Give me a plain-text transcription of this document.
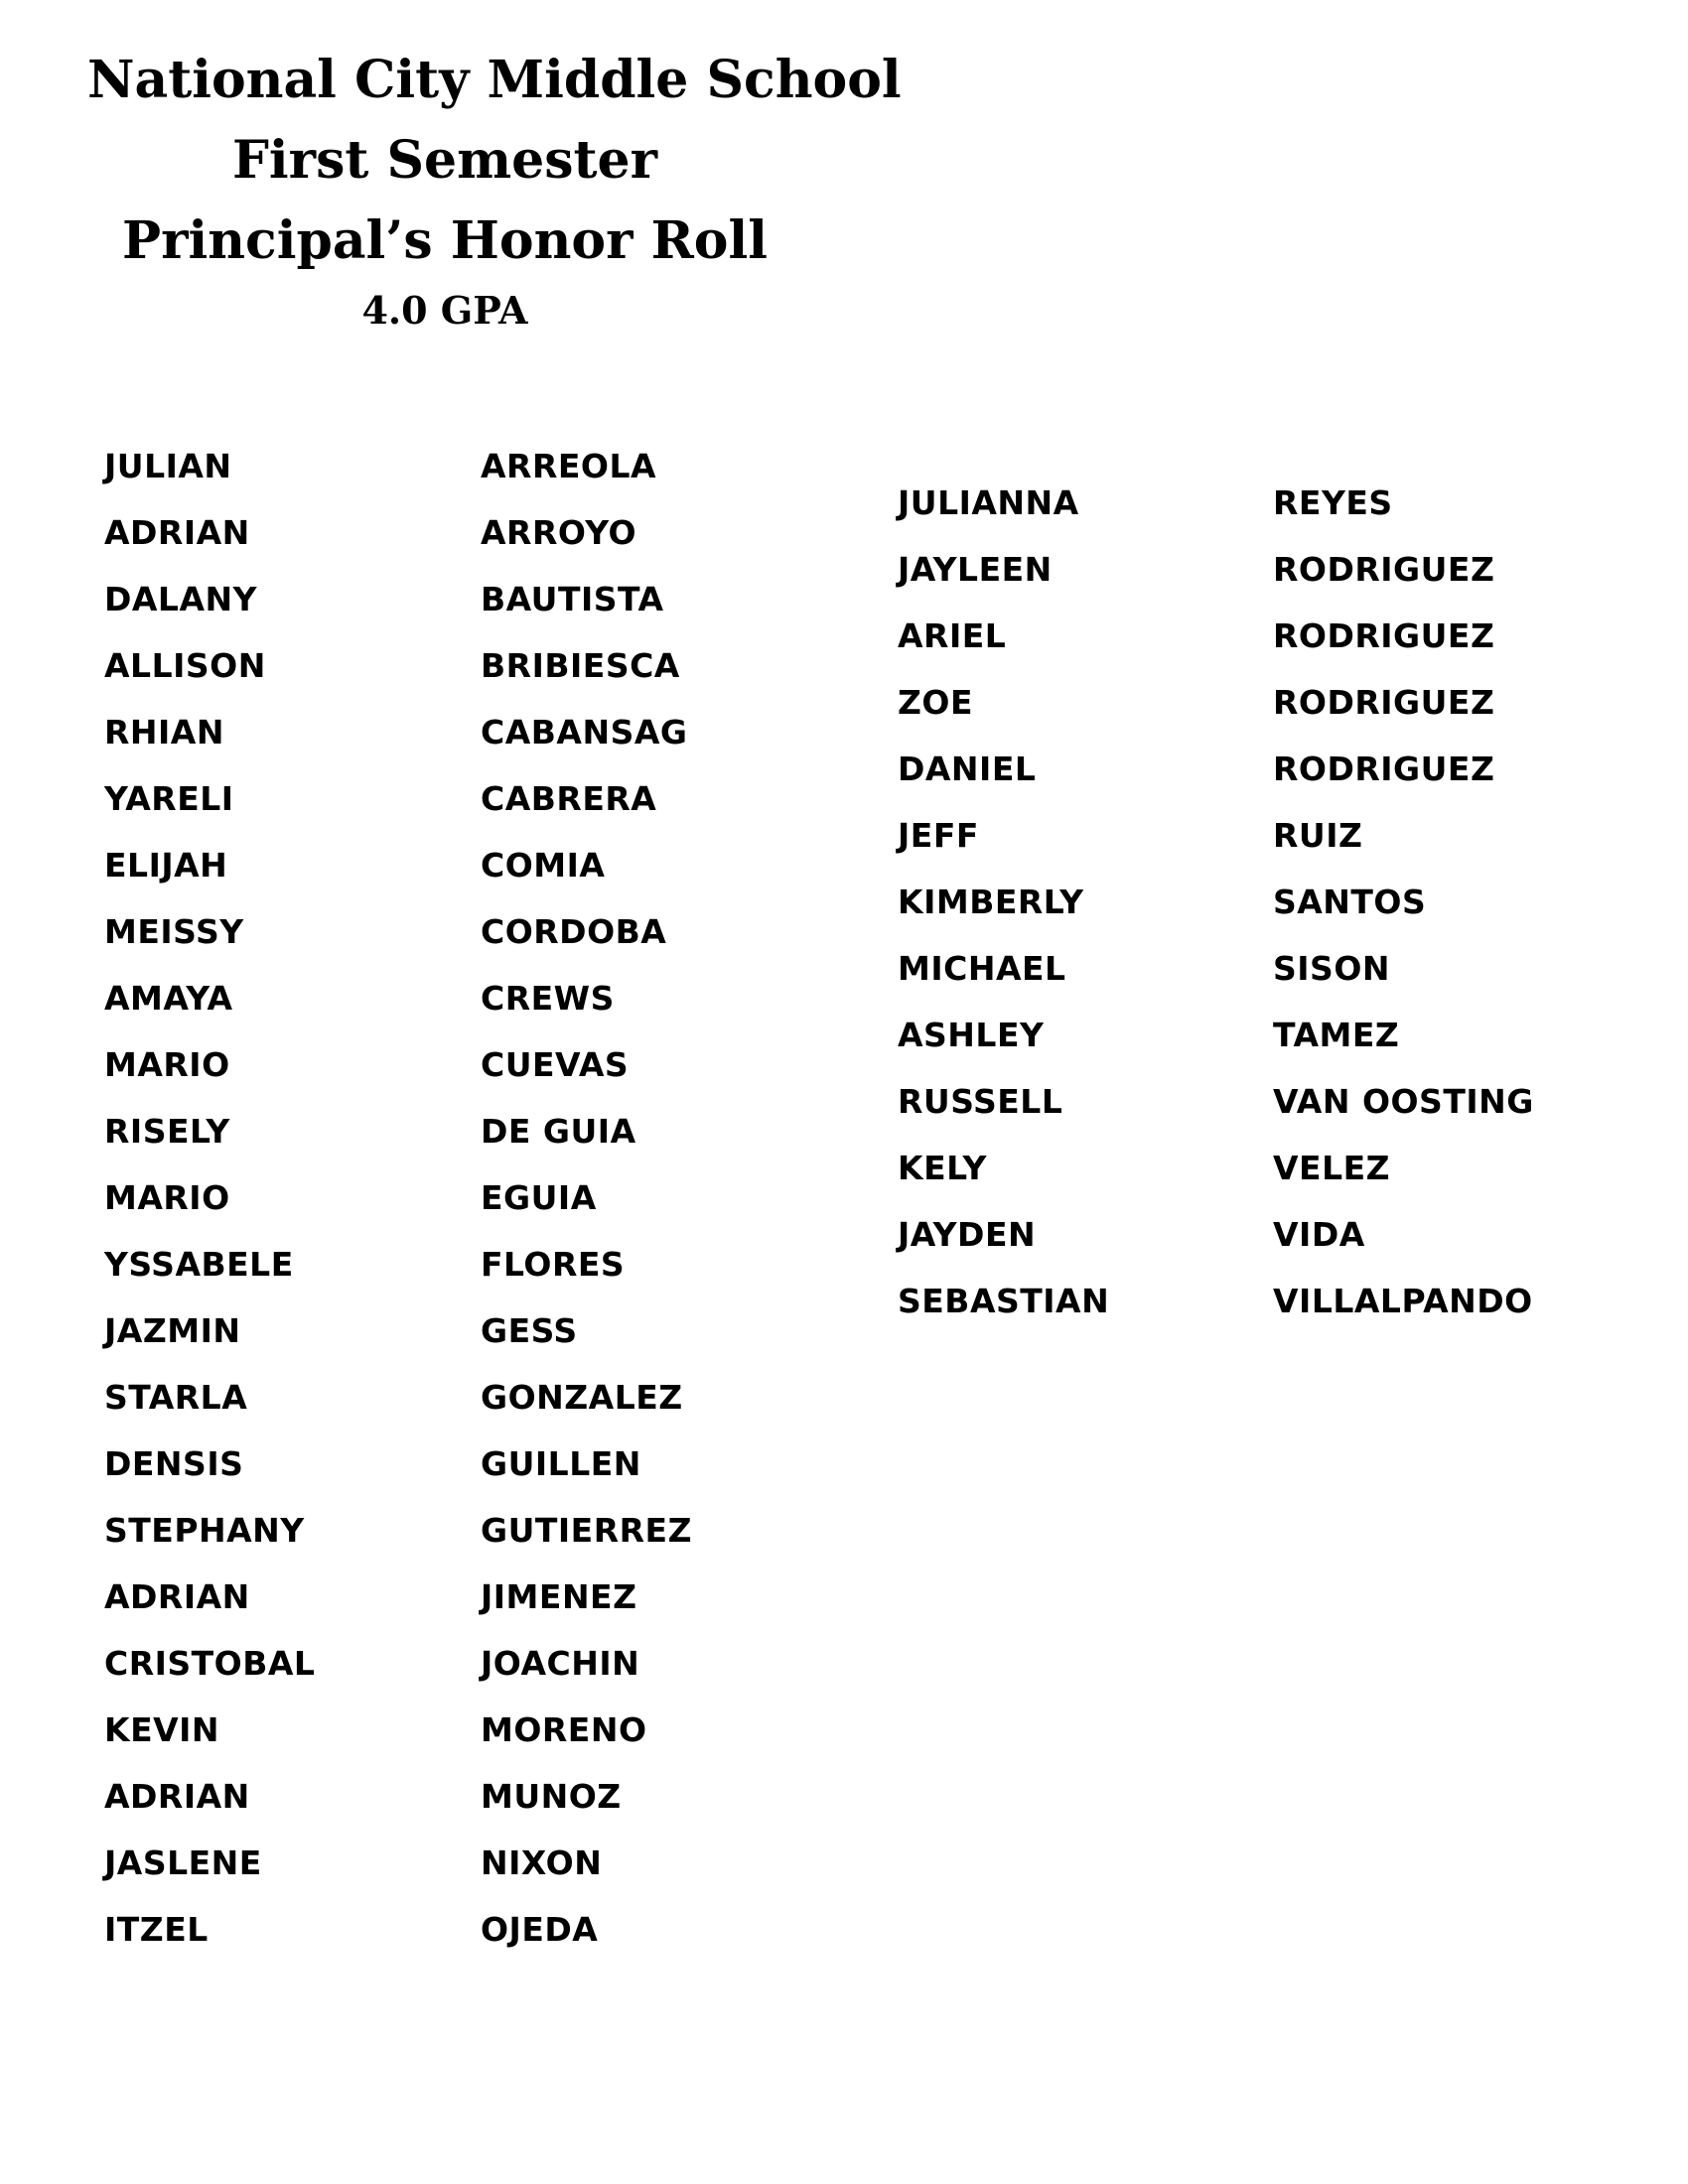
National City Middle School
First Semester
Principal’s Honor Roll
4.0 GPA
JULIAN
ADRIAN
DALANY
ALLISON
RHIAN
YARELI
ELIJAH
MEISSY
AMAYA
MARIO
RISELY
MARIO
YSSABELE
JAZMIN
STARLA
DENSIS
STEPHANY
ADRIAN
CRISTOBAL
KEVIN
ADRIAN
JASLENE
ITZEL
ARREOLA
ARROYO
BAUTISTA
BRIBIESCA
CABANSAG
CABRERA
COMIA
CORDOBA
CREWS
CUEVAS
DE GUIA
EGUIA
FLORES
GESS
GONZALEZ
GUILLEN
GUTIERREZ
JIMENEZ
JOACHIN
MORENO
MUNOZ
NIXON
OJEDA
JULIANNA
JAYLEEN
ARIEL
ZOE
DANIEL
JEFF
KIMBERLY
MICHAEL
ASHLEY
RUSSELL
KELY
JAYDEN
SEBASTIAN
REYES
RODRIGUEZ
RODRIGUEZ
RODRIGUEZ
RODRIGUEZ
RUIZ
SANTOS
SISON
TAMEZ
VAN OOSTING
VELEZ
VIDA
VILLALPANDO
